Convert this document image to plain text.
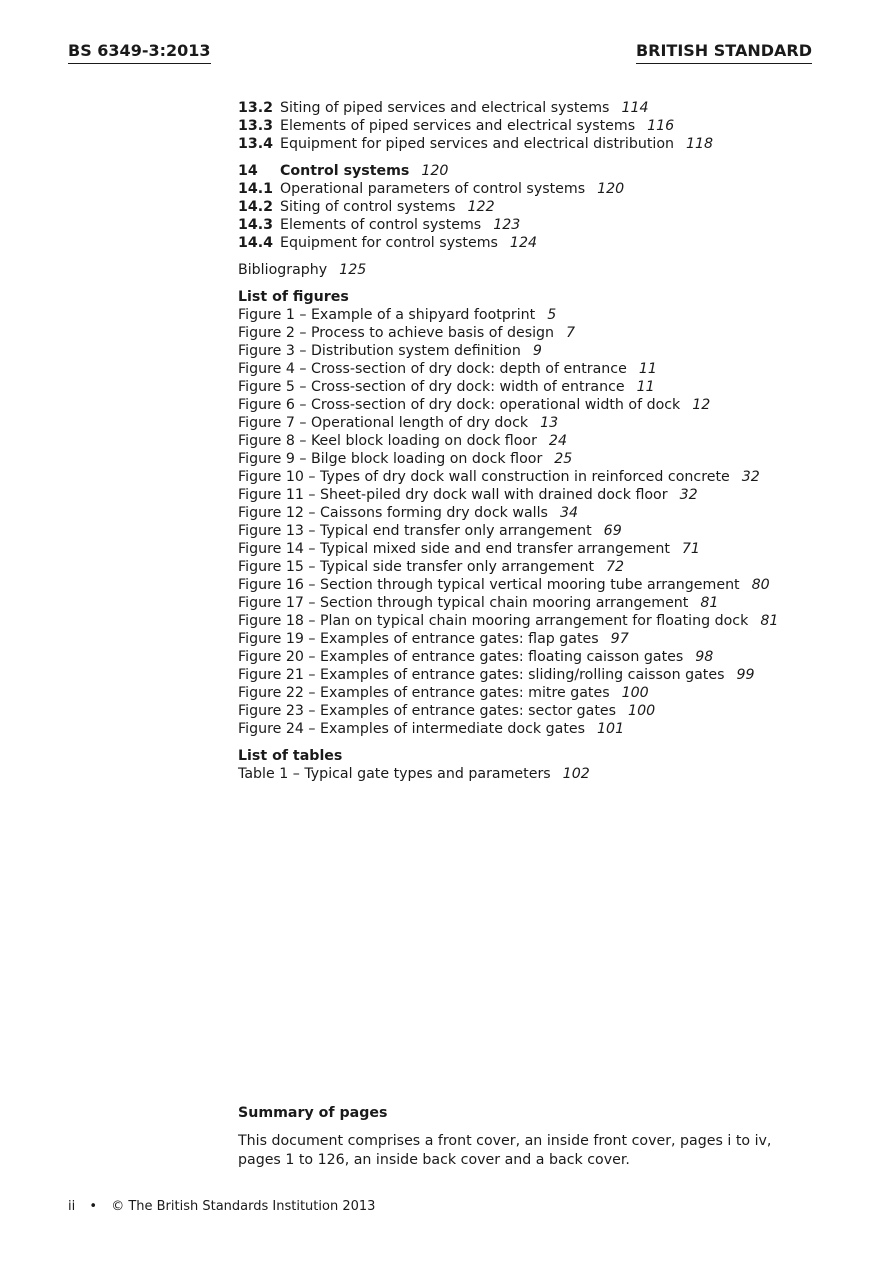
BS 6349-3:2013	BRITISH STANDARD
13.2 Siting of piped services and electrical systems 114
13.3 Elements of piped services and electrical systems 116
13.4 Equipment for piped services and electrical distribution 118
14 Control systems 120
14.1 Operational parameters of control systems 120
14.2 Siting of control systems 122
14.3 Elements of control systems 123
14.4 Equipment for control systems 124
Bibliography 125
List of figures
Figure 1 – Example of a shipyard footprint 5
Figure 2 – Process to achieve basis of design 7
Figure 3 – Distribution system definition 9
Figure 4 – Cross-section of dry dock: depth of entrance 11
Figure 5 – Cross-section of dry dock: width of entrance 11
Figure 6 – Cross-section of dry dock: operational width of dock 12
Figure 7 – Operational length of dry dock 13
Figure 8 – Keel block loading on dock floor 24
Figure 9 – Bilge block loading on dock floor 25
Figure 10 – Types of dry dock wall construction in reinforced concrete 32
Figure 11 – Sheet-piled dry dock wall with drained dock floor 32
Figure 12 – Caissons forming dry dock walls 34
Figure 13 – Typical end transfer only arrangement 69
Figure 14 – Typical mixed side and end transfer arrangement 71
Figure 15 – Typical side transfer only arrangement 72
Figure 16 – Section through typical vertical mooring tube arrangement 80
Figure 17 – Section through typical chain mooring arrangement 81
Figure 18 – Plan on typical chain mooring arrangement for floating dock 81
Figure 19 – Examples of entrance gates: flap gates 97
Figure 20 – Examples of entrance gates: floating caisson gates 98
Figure 21 – Examples of entrance gates: sliding/rolling caisson gates 99
Figure 22 – Examples of entrance gates: mitre gates 100
Figure 23 – Examples of entrance gates: sector gates 100
Figure 24 – Examples of intermediate dock gates 101
List of tables
Table 1 – Typical gate types and parameters 102
Summary of pages
This document comprises a front cover, an inside front cover, pages i to iv, pages 1 to 126, an inside back cover and a back cover.
ii • © The British Standards Institution 2013
